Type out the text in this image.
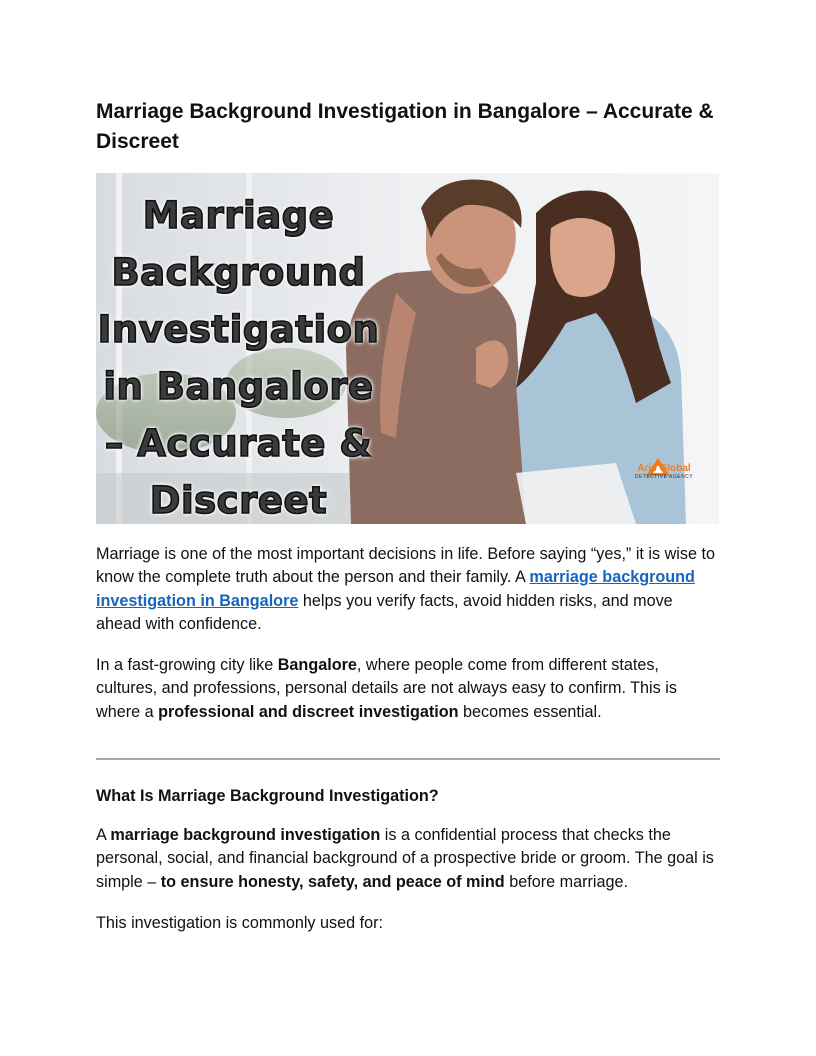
Marriage Background Investigation in Bangalore – Accurate & Discreet
Marriage
Background
Investigation
in Bangalore
– Accurate &
Discreet
Aris Global
DETECTIVE AGENCY

Marriage is one of the most important decisions in life. Before saying “yes,” it is wise to know the complete truth about the person and their family. A marriage background investigation in Bangalore helps you verify facts, avoid hidden risks, and move ahead with confidence.

In a fast-growing city like Bangalore, where people come from different states, cultures, and professions, personal details are not always easy to confirm. This is where a professional and discreet investigation becomes essential.

What Is Marriage Background Investigation?

A marriage background investigation is a confidential process that checks the personal, social, and financial background of a prospective bride or groom. The goal is simple – to ensure honesty, safety, and peace of mind before marriage.

This investigation is commonly used for:
